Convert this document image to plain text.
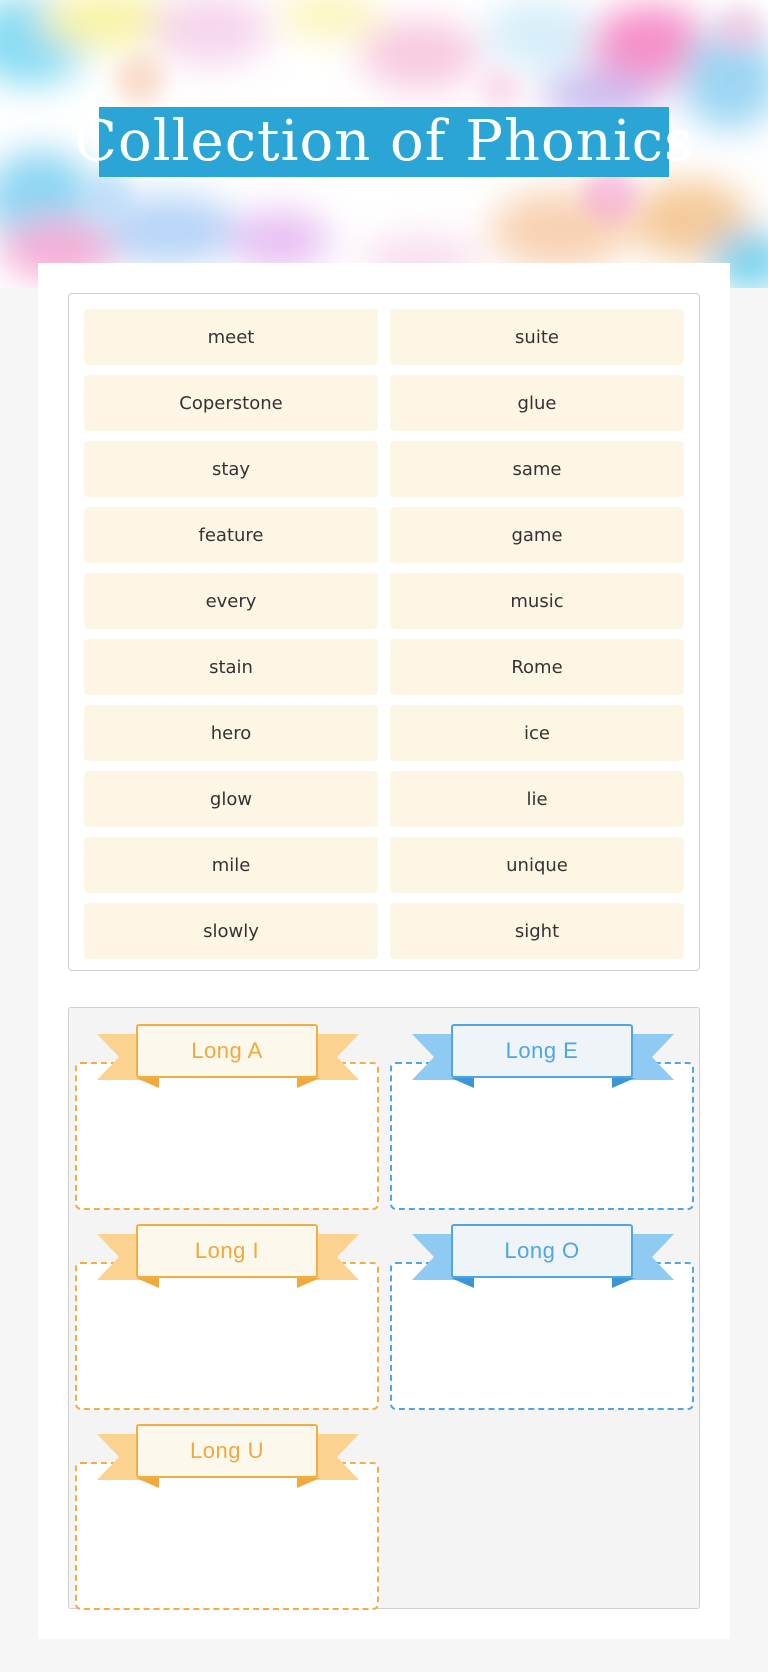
Collection of Phonics
meet	suite
Coperstone	glue
stay	same
feature	game
every	music
stain	Rome
hero	ice
glow	lie
mile	unique
slowly	sight
Long A	Long E
Long I	Long O
Long U
